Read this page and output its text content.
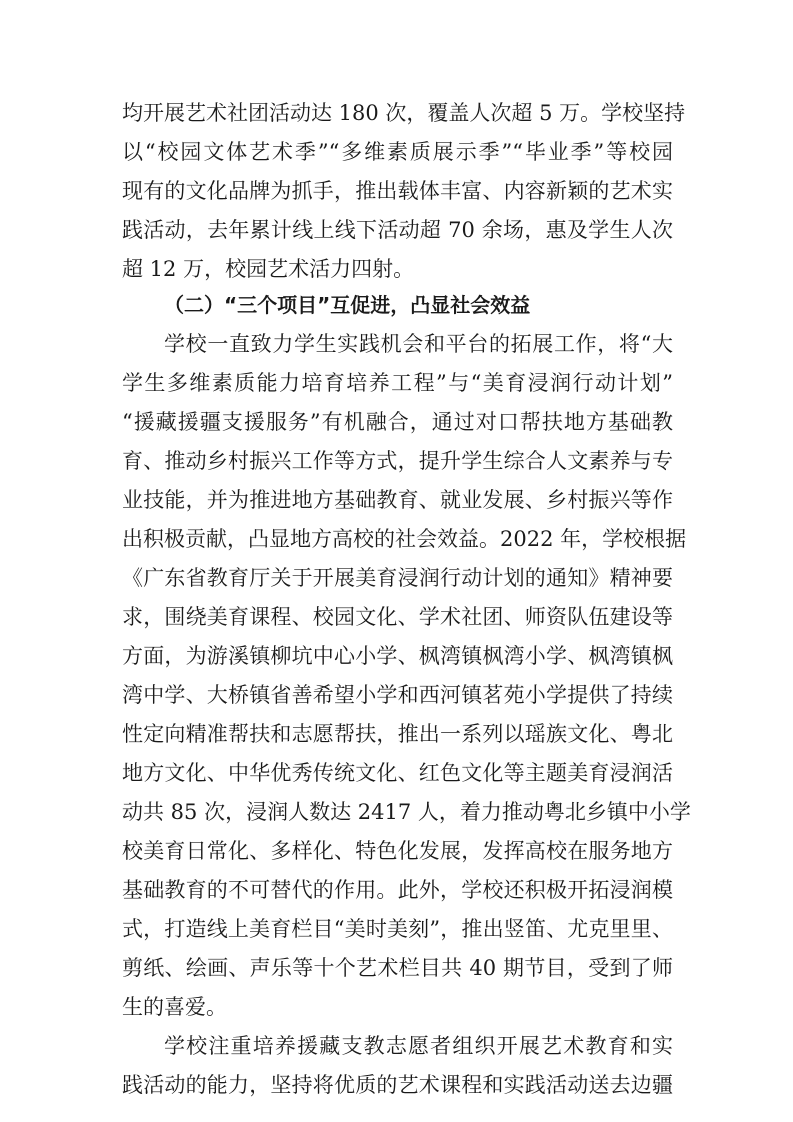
均开展艺术社团活动达 180 次，覆盖人次超 5 万。学校坚持
以“校园文体艺术季”“多维素质展示季”“毕业季”等校园
现有的文化品牌为抓手，推出载体丰富、内容新颖的艺术实
践活动，去年累计线上线下活动超 70 余场，惠及学生人次
超 12 万，校园艺术活力四射。
（二）“三个项目”互促进，凸显社会效益
学校一直致力学生实践机会和平台的拓展工作，将“大
学生多维素质能力培育培养工程”与“美育浸润行动计划”
“援藏援疆支援服务”有机融合，通过对口帮扶地方基础教
育、推动乡村振兴工作等方式，提升学生综合人文素养与专
业技能，并为推进地方基础教育、就业发展、乡村振兴等作
出积极贡献，凸显地方高校的社会效益。2022 年，学校根据
《广东省教育厅关于开展美育浸润行动计划的通知》精神要
求，围绕美育课程、校园文化、学术社团、师资队伍建设等
方面，为游溪镇柳坑中心小学、枫湾镇枫湾小学、枫湾镇枫
湾中学、大桥镇省善希望小学和西河镇茗苑小学提供了持续
性定向精准帮扶和志愿帮扶，推出一系列以瑶族文化、粤北
地方文化、中华优秀传统文化、红色文化等主题美育浸润活
动共 85 次，浸润人数达 2417 人，着力推动粤北乡镇中小学
校美育日常化、多样化、特色化发展，发挥高校在服务地方
基础教育的不可替代的作用。此外，学校还积极开拓浸润模
式，打造线上美育栏目“美时美刻”，推出竖笛、尤克里里、
剪纸、绘画、声乐等十个艺术栏目共 40 期节目，受到了师
生的喜爱。
学校注重培养援藏支教志愿者组织开展艺术教育和实
践活动的能力，坚持将优质的艺术课程和实践活动送去边疆
